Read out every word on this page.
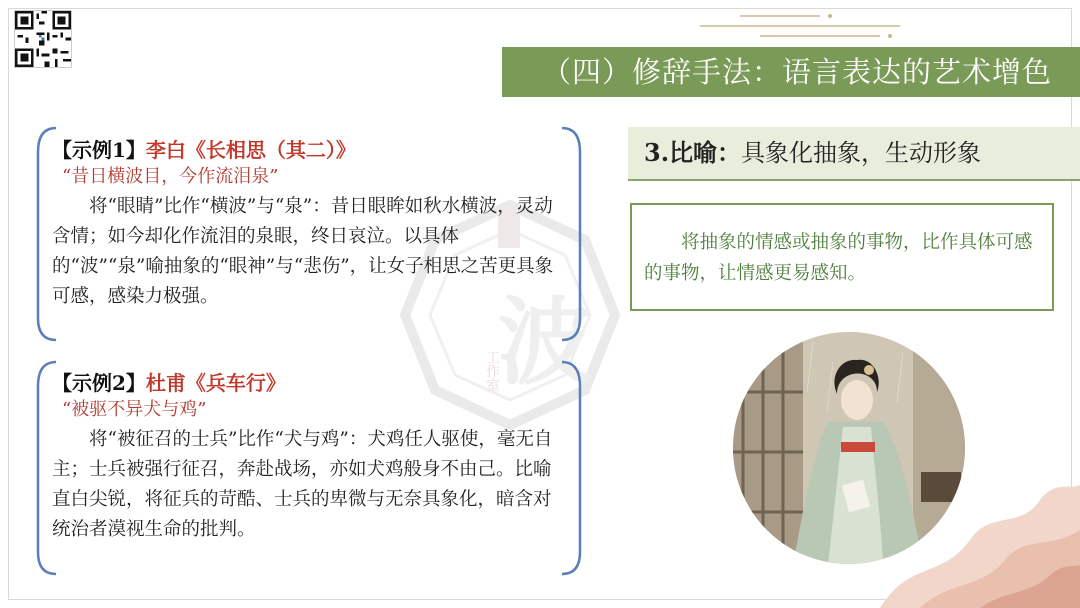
（四）修辞手法：语言表达的艺术增色
3.比喻：具象化抽象，生动形象
将抽象的情感或抽象的事物，比作具体可感的事物，让情感更易感知。
波
工作室
【示例1】李白《长相思（其二）》
“昔日横波目，今作流泪泉”
将“眼睛”比作“横波”与“泉”：昔日眼眸如秋水横波，灵动含情；如今却化作流泪的泉眼，终日哀泣。以具体的“波”“泉”喻抽象的“眼神”与“悲伤”，让女子相思之苦更具象可感，感染力极强。
【示例2】杜甫《兵车行》
“被驱不异犬与鸡”
将“被征召的士兵”比作“犬与鸡”：犬鸡任人驱使，毫无自主；士兵被强行征召，奔赴战场，亦如犬鸡般身不由己。比喻直白尖锐，将征兵的苛酷、士兵的卑微与无奈具象化，暗含对统治者漠视生命的批判。
